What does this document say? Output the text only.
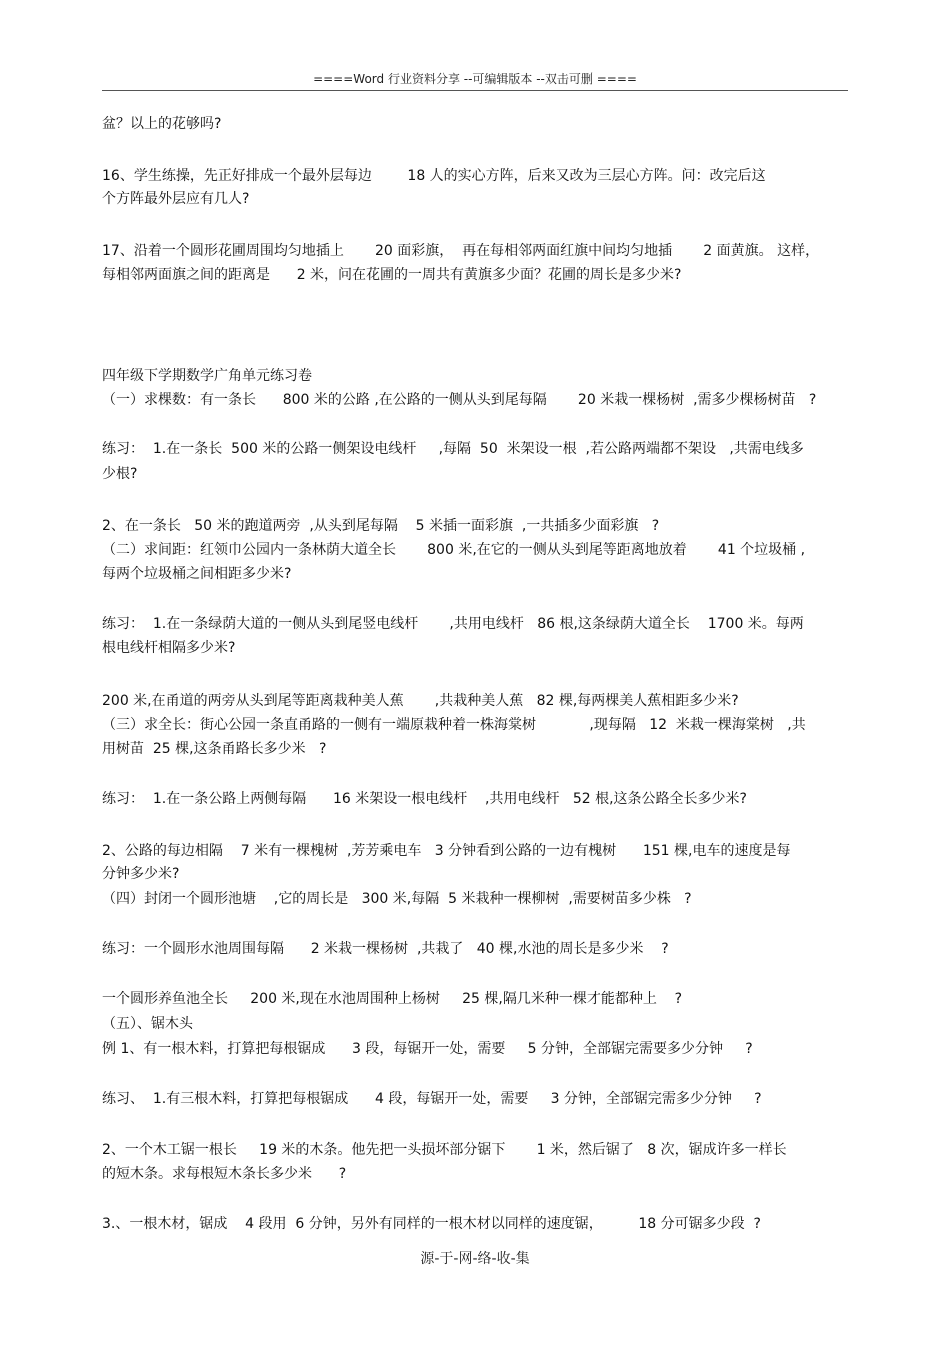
====Word 行业资料分享 --可编辑版本 --双击可删 ====
盆？以上的花够吗?
16、学生练操，先正好排成一个最外层每边        18 人的实心方阵，后来又改为三层心方阵。问：改完后这
个方阵最外层应有几人?
17、沿着一个圆形花圃周围均匀地插上       20 面彩旗，  再在每相邻两面红旗中间均匀地插       2 面黄旗。 这样，
每相邻两面旗之间的距离是      2 米，问在花圃的一周共有黄旗多少面？花圃的周长是多少米?
四年级下学期数学广角单元练习卷
（一）求棵数：有一条长      800 米的公路 ,在公路的一侧从头到尾每隔       20 米栽一棵杨树  ,需多少棵杨树苗   ?
练习：  1.在一条长  500 米的公路一侧架设电线杆     ,每隔  50  米架设一根  ,若公路两端都不架设   ,共需电线多
少根?
2、在一条长   50 米的跑道两旁  ,从头到尾每隔    5 米插一面彩旗  ,一共插多少面彩旗   ?
（二）求间距：红领巾公园内一条林荫大道全长       800 米,在它的一侧从头到尾等距离地放着       41 个垃圾桶 ,
每两个垃圾桶之间相距多少米?
练习：  1.在一条绿荫大道的一侧从头到尾竖电线杆       ,共用电线杆   86 根,这条绿荫大道全长    1700 米。每两
根电线杆相隔多少米?
200 米,在甬道的两旁从头到尾等距离栽种美人蕉       ,共栽种美人蕉   82 棵,每两棵美人蕉相距多少米?
（三）求全长：街心公园一条直甬路的一侧有一端原栽种着一株海棠树            ,现每隔   12  米栽一棵海棠树   ,共
用树苗  25 棵,这条甬路长多少米   ?
练习：  1.在一条公路上两侧每隔      16 米架设一根电线杆    ,共用电线杆   52 根,这条公路全长多少米?
2、公路的每边相隔    7 米有一棵槐树  ,芳芳乘电车   3 分钟看到公路的一边有槐树      151 棵,电车的速度是每
分钟多少米?
（四）封闭一个圆形池塘    ,它的周长是   300 米,每隔  5 米栽种一棵柳树  ,需要树苗多少株   ?
练习：一个圆形水池周围每隔      2 米栽一棵杨树  ,共栽了   40 棵,水池的周长是多少米    ?
一个圆形养鱼池全长     200 米,现在水池周围种上杨树     25 棵,隔几米种一棵才能都种上    ?
（五）、锯木头
例 1、有一根木料，打算把每根锯成      3 段，每锯开一处，需要     5 分钟，全部锯完需要多少分钟     ?
练习、  1.有三根木料，打算把每根锯成      4 段，每锯开一处，需要     3 分钟，全部锯完需多少分钟     ?
2、一个木工锯一根长     19 米的木条。他先把一头损坏部分锯下       1 米，然后锯了   8 次，锯成许多一样长
的短木条。求每根短木条长多少米      ?
3.、一根木材，锯成    4 段用  6 分钟，另外有同样的一根木材以同样的速度锯，        18 分可锯多少段  ?
源-于-网-络-收-集
